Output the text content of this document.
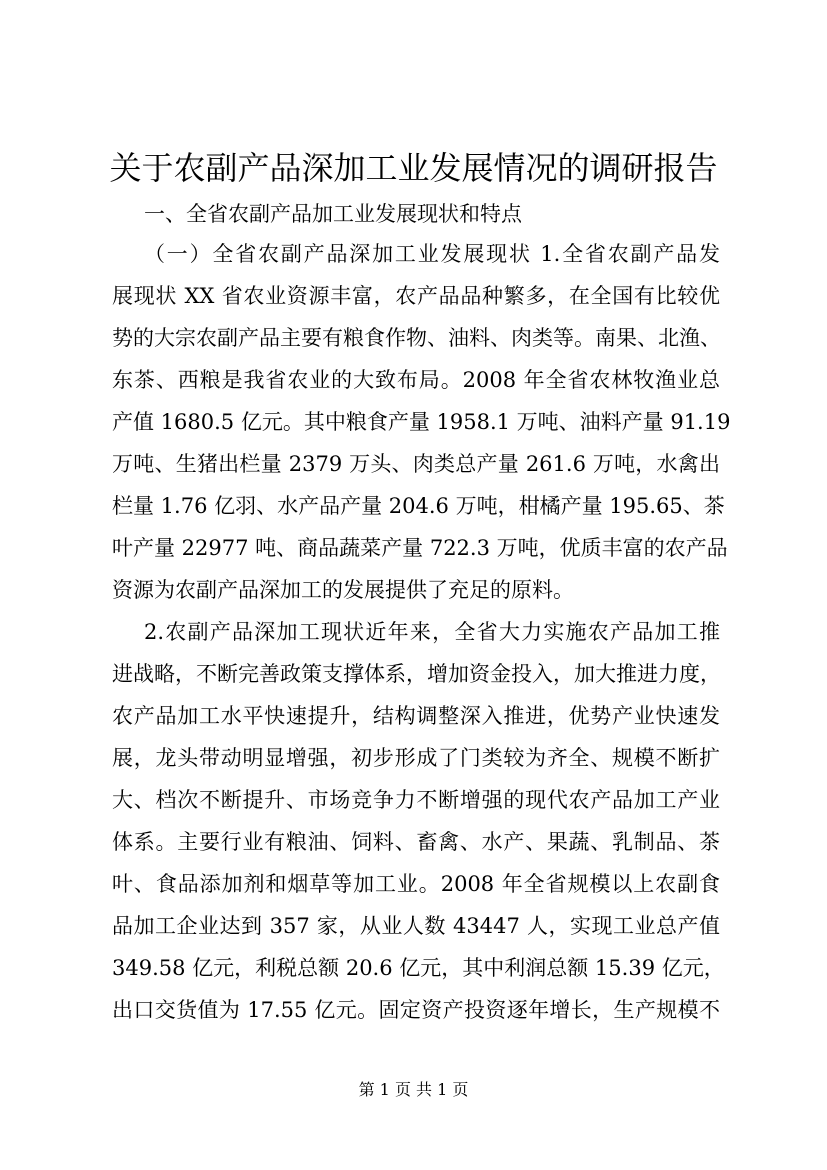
关于农副产品深加工业发展情况的调研报告
一、全省农副产品加工业发展现状和特点
（一）全省农副产品深加工业发展现状 1.全省农副产品发
展现状 XX 省农业资源丰富，农产品品种繁多，在全国有比较优
势的大宗农副产品主要有粮食作物、油料、肉类等。南果、北渔、
东茶、西粮是我省农业的大致布局。2008 年全省农林牧渔业总
产值 1680.5 亿元。其中粮食产量 1958.1 万吨、油料产量 91.19
万吨、生猪出栏量 2379 万头、肉类总产量 261.6 万吨，水禽出
栏量 1.76 亿羽、水产品产量 204.6 万吨，柑橘产量 195.65、茶
叶产量 22977 吨、商品蔬菜产量 722.3 万吨，优质丰富的农产品
资源为农副产品深加工的发展提供了充足的原料。
2.农副产品深加工现状近年来，全省大力实施农产品加工推
进战略，不断完善政策支撑体系，增加资金投入，加大推进力度，
农产品加工水平快速提升，结构调整深入推进，优势产业快速发
展，龙头带动明显增强，初步形成了门类较为齐全、规模不断扩
大、档次不断提升、市场竞争力不断增强的现代农产品加工产业
体系。主要行业有粮油、饲料、畜禽、水产、果蔬、乳制品、茶
叶、食品添加剂和烟草等加工业。2008 年全省规模以上农副食
品加工企业达到 357 家，从业人数 43447 人，实现工业总产值
349.58 亿元，利税总额 20.6 亿元，其中利润总额 15.39 亿元，
出口交货值为 17.55 亿元。固定资产投资逐年增长，生产规模不
第 1 页 共 1 页
